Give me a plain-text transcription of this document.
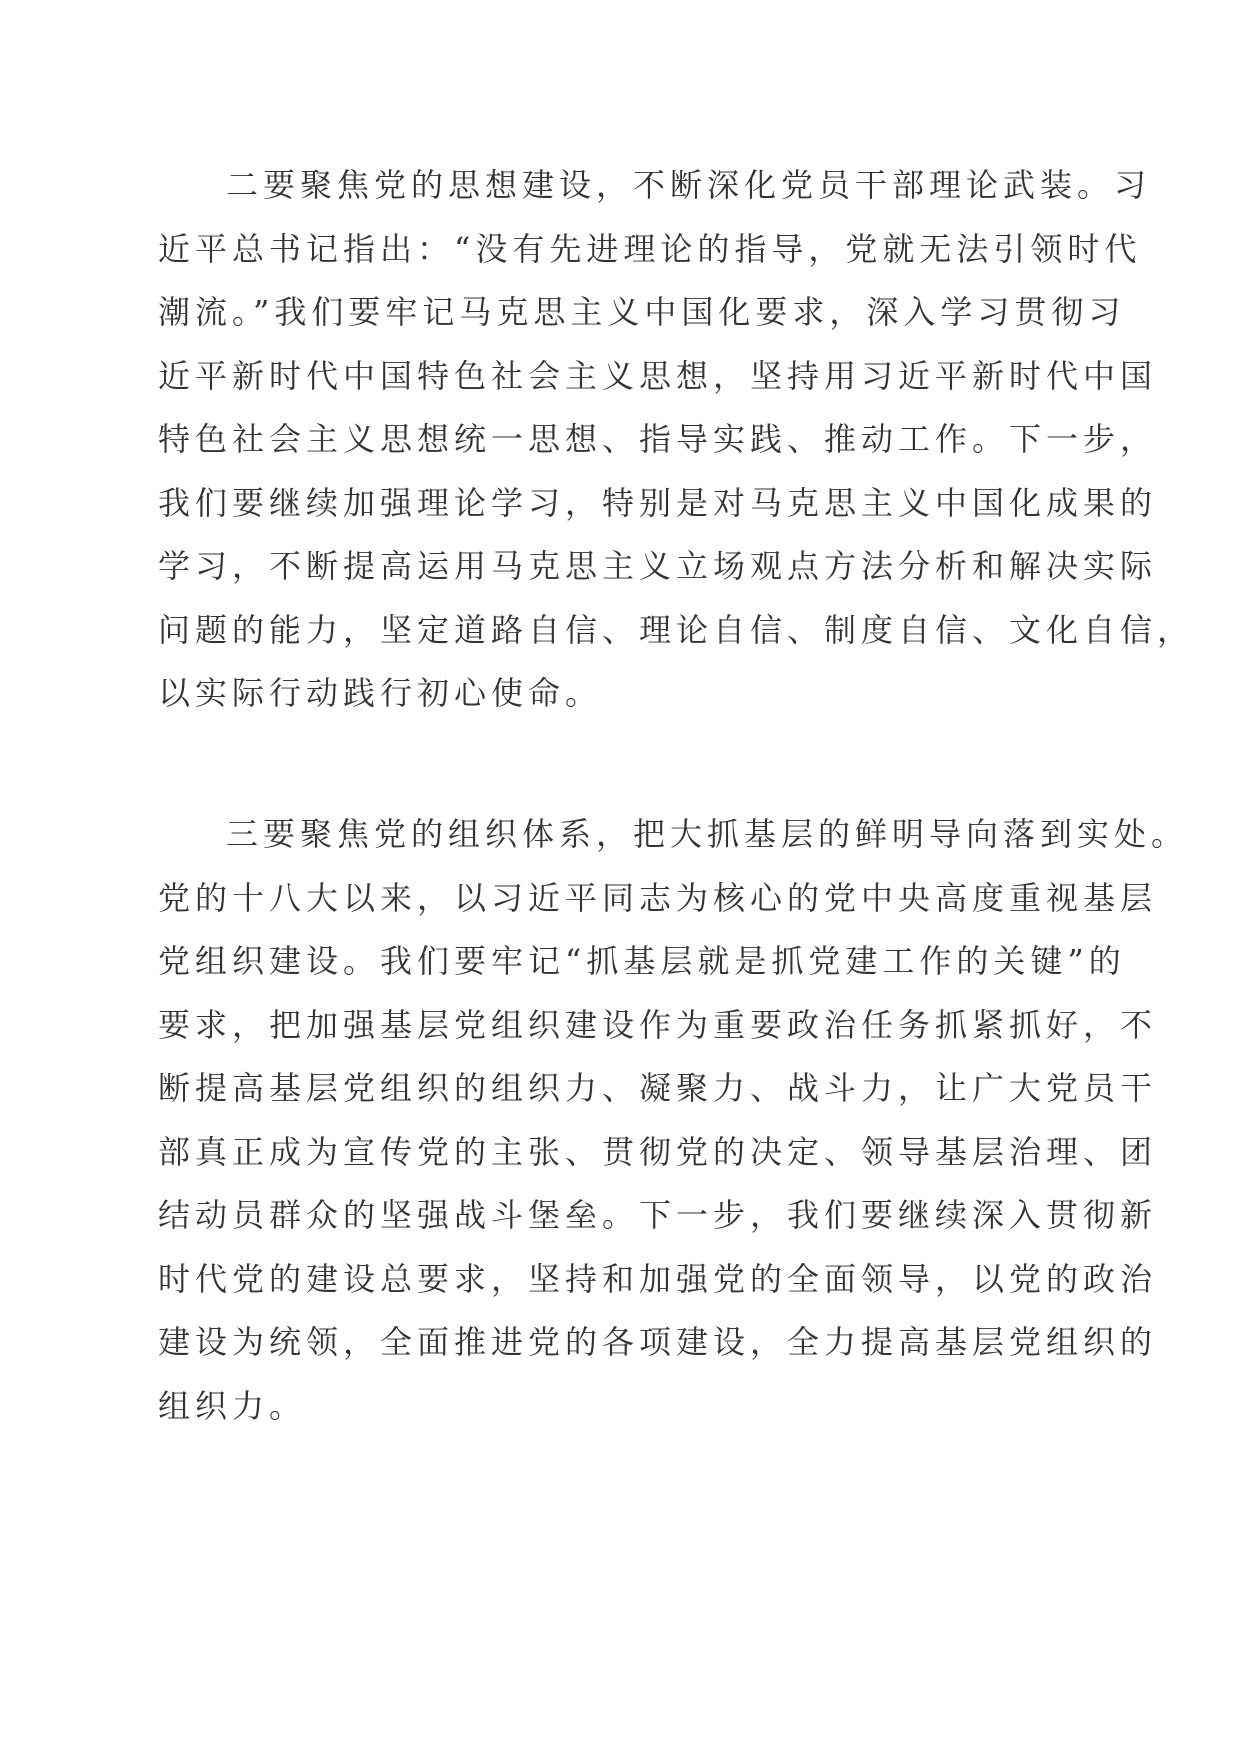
二要聚焦党的思想建设，不断深化党员干部理论武装。习
近平总书记指出：“没有先进理论的指导，党就无法引领时代
潮流。”我们要牢记马克思主义中国化要求，深入学习贯彻习
近平新时代中国特色社会主义思想，坚持用习近平新时代中国
特色社会主义思想统一思想、指导实践、推动工作。下一步，
我们要继续加强理论学习，特别是对马克思主义中国化成果的
学习，不断提高运用马克思主义立场观点方法分析和解决实际
问题的能力，坚定道路自信、理论自信、制度自信、文化自信，
以实际行动践行初心使命。
三要聚焦党的组织体系，把大抓基层的鲜明导向落到实处。
党的十八大以来，以习近平同志为核心的党中央高度重视基层
党组织建设。我们要牢记“抓基层就是抓党建工作的关键”的
要求，把加强基层党组织建设作为重要政治任务抓紧抓好，不
断提高基层党组织的组织力、凝聚力、战斗力，让广大党员干
部真正成为宣传党的主张、贯彻党的决定、领导基层治理、团
结动员群众的坚强战斗堡垒。下一步，我们要继续深入贯彻新
时代党的建设总要求，坚持和加强党的全面领导，以党的政治
建设为统领，全面推进党的各项建设，全力提高基层党组织的
组织力。
